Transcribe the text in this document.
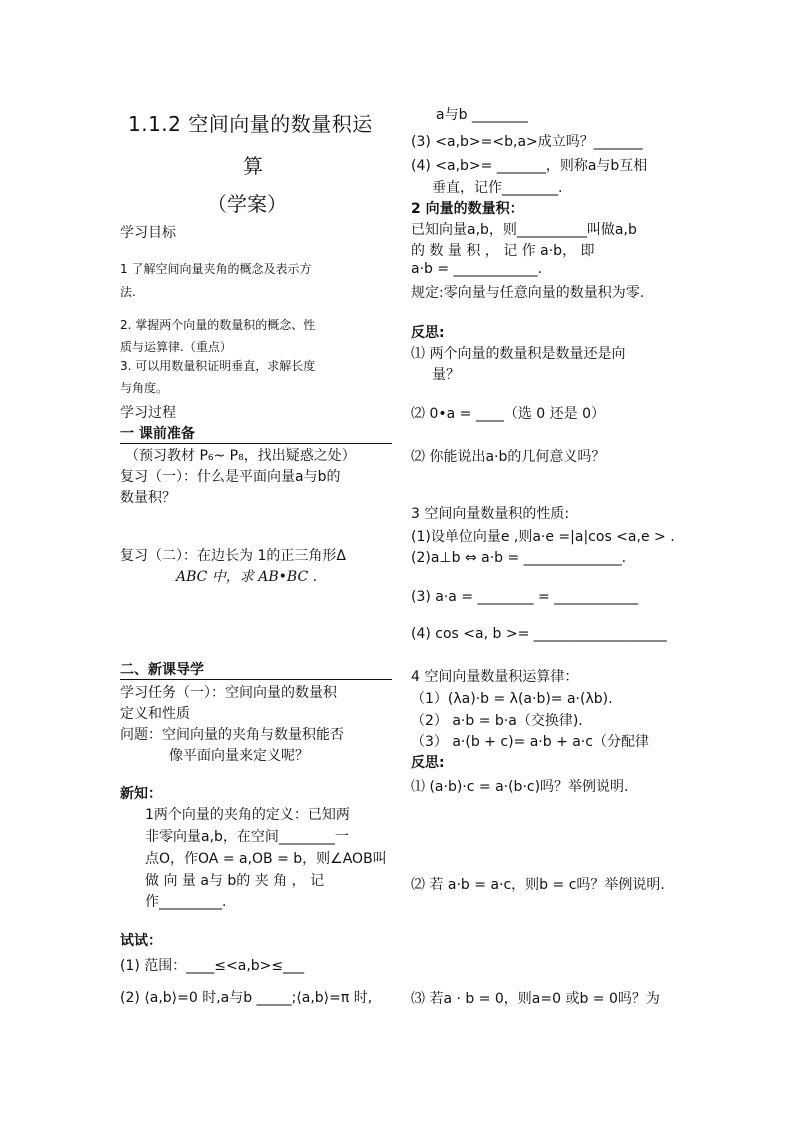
1.1.2 空间向量的数量积运
算
（学案）
学习目标
1 了解空间向量夹角的概念及表示方
法.
2. 掌握两个向量的数量积的概念、性
质与运算律.（重点）
3. 可以用数量积证明垂直，求解长度
与角度。
学习过程
一 课前准备
（预习教材 P₆~ P₈，找出疑惑之处）
复习（一）：什么是平面向量a与b的
数量积？
复习（二）：在边长为 1的正三角形Δ
ABC 中，求 AB•BC .
二、新课导学
学习任务（一）：空间向量的数量积
定义和性质
问题：空间向量的夹角与数量积能否
像平面向量来定义呢？
新知：
1两个向量的夹角的定义：已知两
非零向量a,b，在空间________一
点O，作OA = a,OB = b，则∠AOB叫
做 向 量 a与 b的 夹 角 ， 记
作_________.
试试：
(1) 范围：____≤<a,b>≤___
(2) ⟨a,b⟩=0 时,a与b _____;⟨a,b⟩=π 时,
a与b ________
(3) <a,b>=<b,a>成立吗？_______
(4) <a,b>= _______，则称a与b互相
垂直，记作________.
2 向量的数量积：
已知向量a,b，则__________叫做a,b
的 数 量 积 ， 记 作 a·b， 即
a·b = ____________.
规定:零向量与任意向量的数量积为零.
反思:
⑴ 两个向量的数量积是数量还是向
量？
⑵ 0•a = ____（选 0 还是 0）
⑵ 你能说出a·b的几何意义吗？
3 空间向量数量积的性质:
(1)设单位向量e ,则a·e =|a|cos <a,e > .
(2)a⊥b ⇔ a·b = ______________.
(3) a·a = ________ = ____________
(4) cos <a, b >= ___________________
4 空间向量数量积运算律：
（1）(λa)·b = λ(a·b)= a·(λb).
（2） a·b = b·a（交换律).
（3） a·(b + c)= a·b + a·c（分配律
反思:
⑴ (a·b)·c = a·(b·c)吗？举例说明.
⑵ 若 a·b = a·c，则b = c吗？举例说明.
⑶ 若a · b = 0，则a=0 或b = 0吗？为
